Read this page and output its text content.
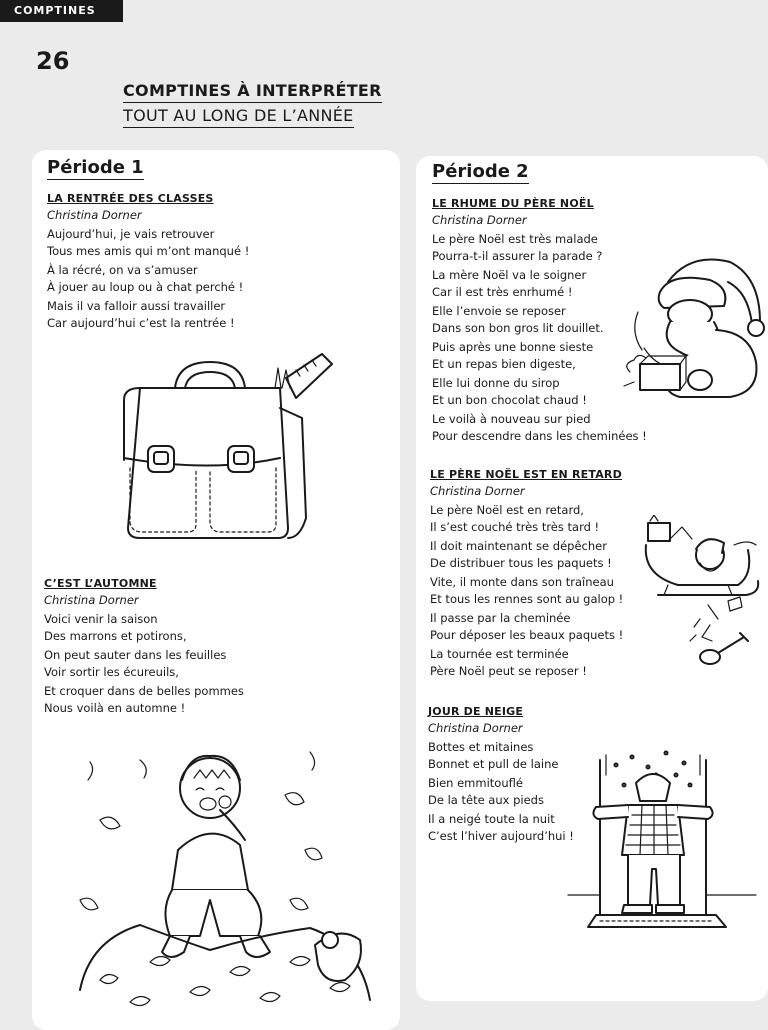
COMPTINES
26
COMPTINES À INTERPRÉTER
TOUT AU LONG DE L’ANNÉE
Période 1
LA RENTRÉE DES CLASSES
Christina Dorner
Aujourd’hui, je vais retrouver
Tous mes amis qui m’ont manqué !
À la récré, on va s’amuser
À jouer au loup ou à chat perché !
Mais il va falloir aussi travailler
Car aujourd’hui c’est la rentrée !
C’EST L’AUTOMNE
Christina Dorner
Voici venir la saison
Des marrons et potirons,
On peut sauter dans les feuilles
Voir sortir les écureuils,
Et croquer dans de belles pommes
Nous voilà en automne !
Période 2
LE RHUME DU PÈRE NOËL
Christina Dorner
Le père Noël est très malade
Pourra-t-il assurer la parade ?
La mère Noël va le soigner
Car il est très enrhumé !
Elle l’envoie se reposer
Dans son bon gros lit douillet.
Puis après une bonne sieste
Et un repas bien digeste,
Elle lui donne du sirop
Et un bon chocolat chaud !
Le voilà à nouveau sur pied
Pour descendre dans les cheminées !
LE PÈRE NOËL EST EN RETARD
Christina Dorner
Le père Noël est en retard,
Il s’est couché très très tard !
Il doit maintenant se dépêcher
De distribuer tous les paquets !
Vite, il monte dans son traîneau
Et tous les rennes sont au galop !
Il passe par la cheminée
Pour déposer les beaux paquets !
La tournée est terminée
Père Noël peut se reposer !
JOUR DE NEIGE
Christina Dorner
Bottes et mitaines
Bonnet et pull de laine
Bien emmitouflé
De la tête aux pieds
Il a neigé toute la nuit
C’est l’hiver aujourd’hui !
